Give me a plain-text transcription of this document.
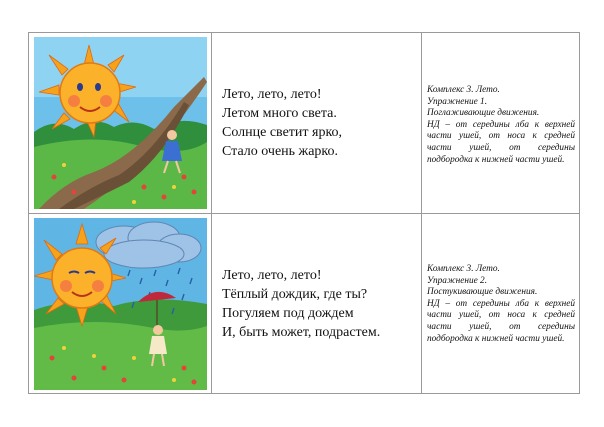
Лето, лето, лето!
Летом много света.
Солнце светит ярко,
Стало очень жарко.
Комплекс 3. Лето.
Упражнение 1.
Поглаживающие движения.
НД – от середины лба к верхней части ушей, от носа к средней части ушей, от середины подбородка к нижней части ушей.
Лето, лето, лето!
Тёплый дождик, где ты?
Погуляем под дождем
И, быть может, подрастем.
Комплекс 3. Лето.
Упражнение 2.
Постукивающие движения.
НД – от середины лба к верхней части ушей, от носа к средней части ушей, от середины подбородка к нижней части ушей.
